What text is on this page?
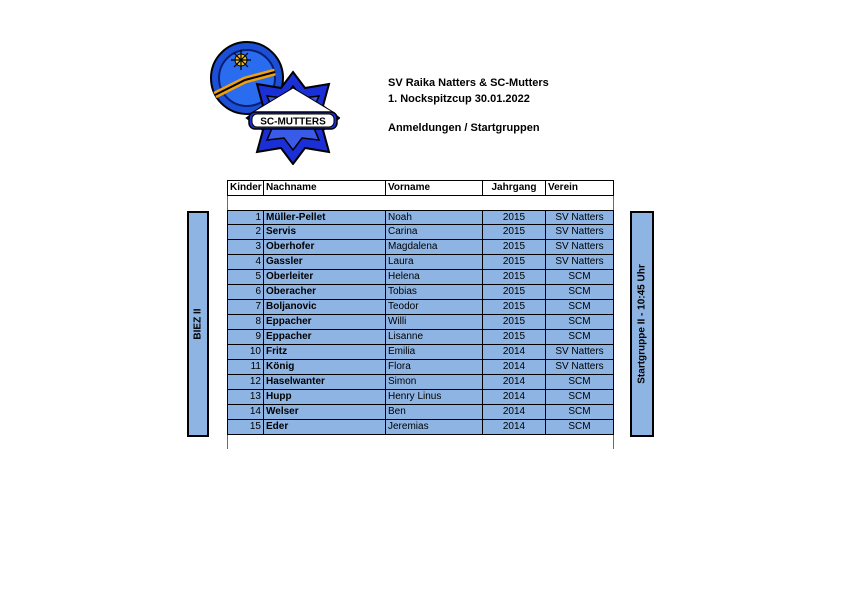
SC-MUTTERS
SV Raika Natters & SC-Mutters
1. Nockspitzcup 30.01.2022
Anmeldungen / Startgruppen
BIEZ II	Startgruppe II - 10:45 Uhr
Kinder Nachname	Vorname	Jahrgang	Verein
1 Müller-Pellet	Noah	2015	SV Natters
2 Servis	Carina	2015	SV Natters
3 Oberhofer	Magdalena	2015	SV Natters
4 Gassler	Laura	2015	SV Natters
5 Oberleiter	Helena	2015	SCM
6 Oberacher	Tobias	2015	SCM
7 Boljanovic	Teodor	2015	SCM
8 Eppacher	Willi	2015	SCM
9 Eppacher	Lisanne	2015	SCM
10 Fritz	Emilia	2014	SV Natters
11 König	Flora	2014	SV Natters
12 Haselwanter	Simon	2014	SCM
13 Hupp	Henry Linus	2014	SCM
14 Welser	Ben	2014	SCM
15 Eder	Jeremias	2014	SCM
